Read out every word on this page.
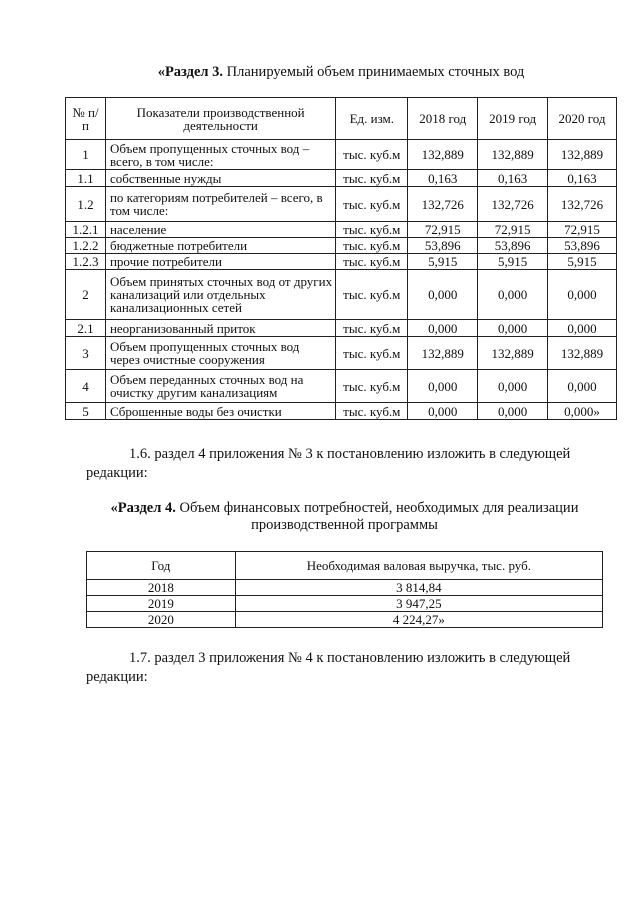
«Раздел 3. Планируемый объем принимаемых сточных вод
№ п/п	Показатели производственной деятельности	Ед. изм.	2018 год	2019 год	2020 год
1	Объем пропущенных сточных вод – всего, в том числе:	тыс. куб.м	132,889	132,889	132,889
1.1	собственные нужды	тыс. куб.м	0,163	0,163	0,163
1.2	по категориям потребителей – всего, в том числе:	тыс. куб.м	132,726	132,726	132,726
1.2.1	население	тыс. куб.м	72,915	72,915	72,915
1.2.2	бюджетные потребители	тыс. куб.м	53,896	53,896	53,896
1.2.3	прочие потребители	тыс. куб.м	5,915	5,915	5,915
2	Объем принятых сточных вод от других канализаций или отдельных канализационных сетей	тыс. куб.м	0,000	0,000	0,000
2.1	неорганизованный приток	тыс. куб.м	0,000	0,000	0,000
3	Объем пропущенных сточных вод через очистные сооружения	тыс. куб.м	132,889	132,889	132,889
4	Объем переданных сточных вод на очистку другим канализациям	тыс. куб.м	0,000	0,000	0,000
5	Сброшенные воды без очистки	тыс. куб.м	0,000	0,000	0,000»
1.6. раздел 4 приложения № 3 к постановлению изложить в следующей редакции:
«Раздел 4. Объем финансовых потребностей, необходимых для реализации производственной программы
Год	Необходимая валовая выручка, тыс. руб.
2018	3 814,84
2019	3 947,25
2020	4 224,27»
1.7. раздел 3 приложения № 4 к постановлению изложить в следующей редакции:
